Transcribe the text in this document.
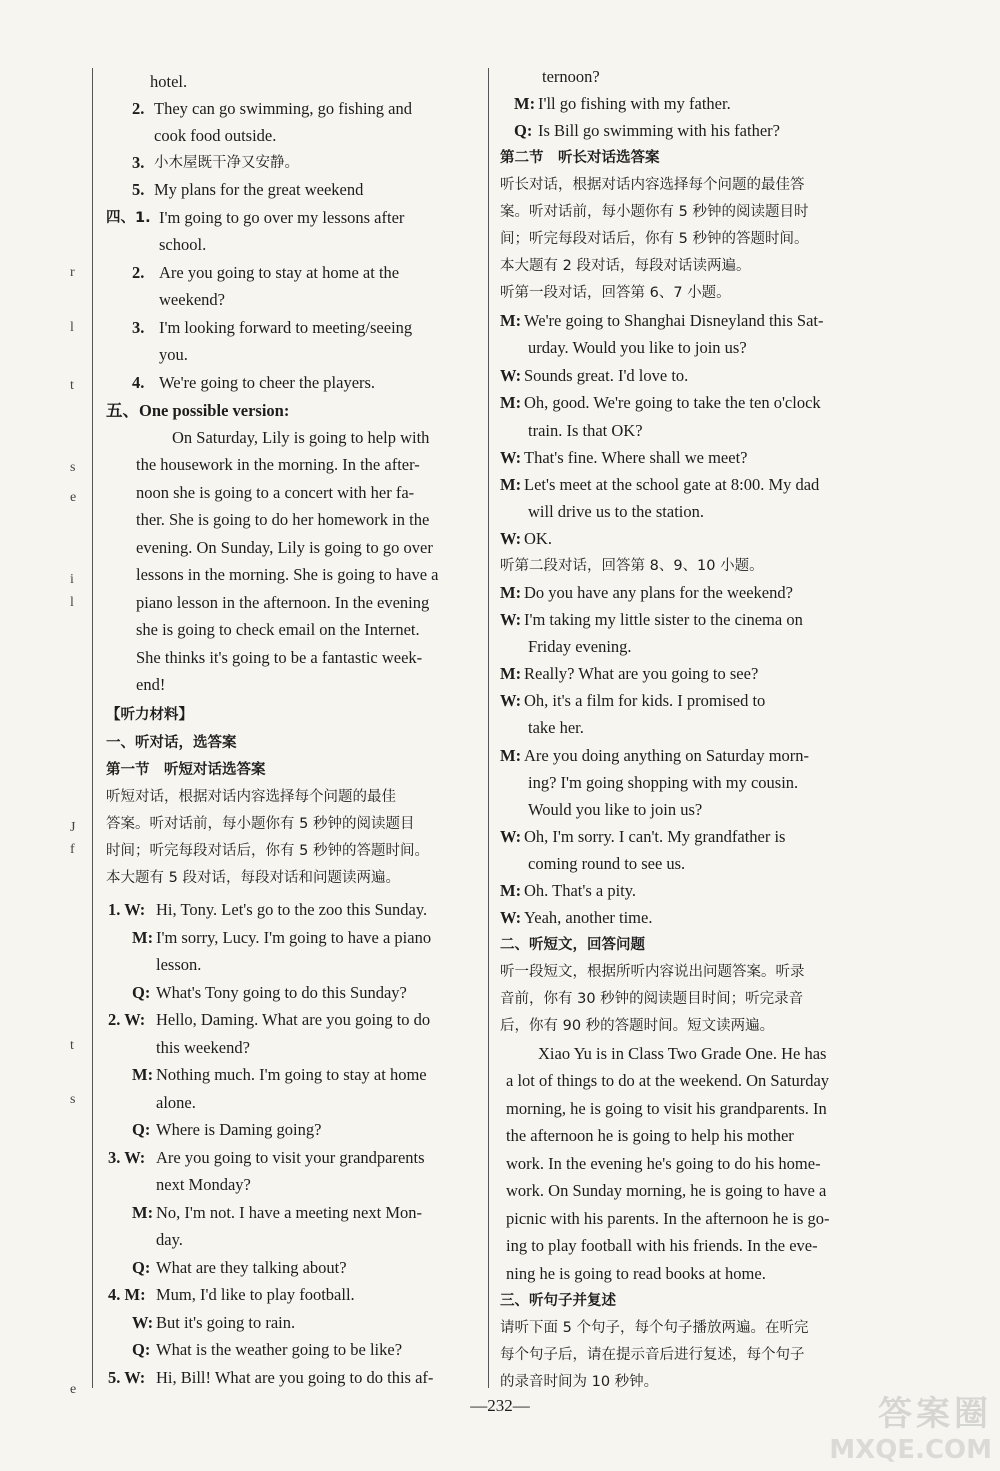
r
l
t
s
e
i
l
J
f
t
s
e
hotel.
2. They can go swimming, go fishing and
cook food outside.
3. 小木屋既干净又安静。
5. My plans for the great weekend
四、1. I'm going to go over my lessons after
school.
2. Are you going to stay at home at the
weekend?
3. I'm looking forward to meeting/seeing
you.
4. We're going to cheer the players.
五、One possible version:
On Saturday, Lily is going to help with
the housework in the morning. In the after-
noon she is going to a concert with her fa-
ther. She is going to do her homework in the
evening. On Sunday, Lily is going to go over
lessons in the morning. She is going to have a
piano lesson in the afternoon. In the evening
she is going to check email on the Internet.
She thinks it's going to be a fantastic week-
end!
【听力材料】
一、听对话，选答案
第一节　听短对话选答案
听短对话，根据对话内容选择每个问题的最佳
答案。听对话前，每小题你有 5 秒钟的阅读题目
时间；听完每段对话后，你有 5 秒钟的答题时间。
本大题有 5 段对话，每段对话和问题读两遍。
1. W: Hi, Tony. Let's go to the zoo this Sunday.
M: I'm sorry, Lucy. I'm going to have a piano
lesson.
Q: What's Tony going to do this Sunday?
2. W: Hello, Daming. What are you going to do
this weekend?
M: Nothing much. I'm going to stay at home
alone.
Q: Where is Daming going?
3. W: Are you going to visit your grandparents
next Monday?
M: No, I'm not. I have a meeting next Mon-
day.
Q: What are they talking about?
4. M: Mum, I'd like to play football.
W: But it's going to rain.
Q: What is the weather going to be like?
5. W: Hi, Bill! What are you going to do this af-
ternoon?
M: I'll go fishing with my father.
Q: Is Bill go swimming with his father?
第二节　听长对话选答案
听长对话，根据对话内容选择每个问题的最佳答
案。听对话前，每小题你有 5 秒钟的阅读题目时
间；听完每段对话后，你有 5 秒钟的答题时间。
本大题有 2 段对话，每段对话读两遍。
听第一段对话，回答第 6、7 小题。
M: We're going to Shanghai Disneyland this Sat-
urday. Would you like to join us?
W: Sounds great. I'd love to.
M: Oh, good. We're going to take the ten o'clock
train. Is that OK?
W: That's fine. Where shall we meet?
M: Let's meet at the school gate at 8:00. My dad
will drive us to the station.
W: OK.
听第二段对话，回答第 8、9、10 小题。
M: Do you have any plans for the weekend?
W: I'm taking my little sister to the cinema on
Friday evening.
M: Really? What are you going to see?
W: Oh, it's a film for kids. I promised to
take her.
M: Are you doing anything on Saturday morn-
ing? I'm going shopping with my cousin.
Would you like to join us?
W: Oh, I'm sorry. I can't. My grandfather is
coming round to see us.
M: Oh. That's a pity.
W: Yeah, another time.
二、听短文，回答问题
听一段短文，根据所听内容说出问题答案。听录
音前，你有 30 秒钟的阅读题目时间；听完录音
后，你有 90 秒的答题时间。短文读两遍。
Xiao Yu is in Class Two Grade One. He has
a lot of things to do at the weekend. On Saturday
morning, he is going to visit his grandparents. In
the afternoon he is going to help his mother
work. In the evening he's going to do his home-
work. On Sunday morning, he is going to have a
picnic with his parents. In the afternoon he is go-
ing to play football with his friends. In the eve-
ning he is going to read books at home.
三、听句子并复述
请听下面 5 个句子，每个句子播放两遍。在听完
每个句子后，请在提示音后进行复述，每个句子
的录音时间为 10 秒钟。
—232—	答案圈
MXQE.COM
